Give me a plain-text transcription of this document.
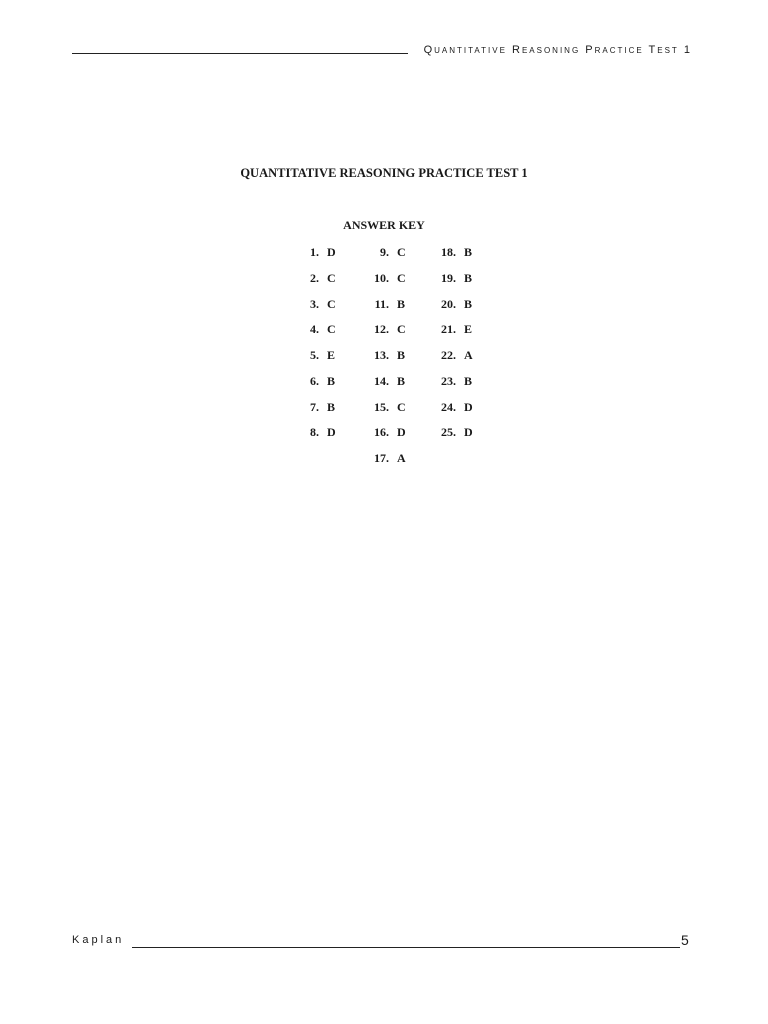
Quantitative Reasoning Practice Test 1
QUANTITATIVE REASONING PRACTICE TEST 1
ANSWER KEY
1. D
2. C
3. C
4. C
5. E
6. B
7. B
8. D
9. C
10. C
11. B
12. C
13. B
14. B
15. C
16. D
17. A
18. B
19. B
20. B
21. E
22. A
23. B
24. D
25. D
Kaplan	5
